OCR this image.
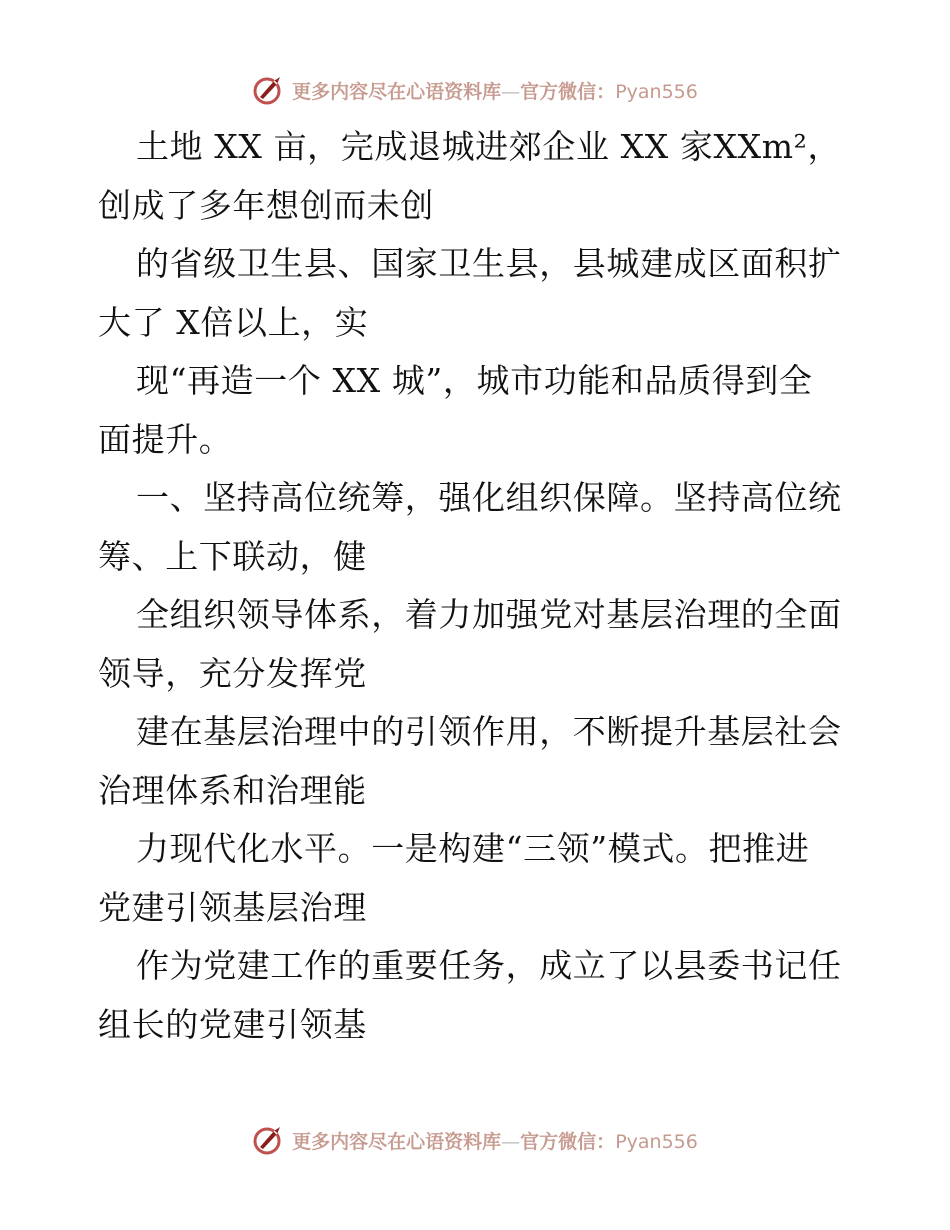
更多内容尽在心语资料库—官方微信：Pyan556
土地 XX 亩，完成退城进郊企业 XX 家XXm²，
创成了多年想创而未创
的省级卫生县、国家卫生县，县城建成区面积扩
大了 X倍以上，实
现“再造一个 XX 城”，城市功能和品质得到全
面提升。
一、坚持高位统筹，强化组织保障。坚持高位统
筹、上下联动，健
全组织领导体系，着力加强党对基层治理的全面
领导，充分发挥党
建在基层治理中的引领作用，不断提升基层社会
治理体系和治理能
力现代化水平。一是构建“三领”模式。把推进
党建引领基层治理
作为党建工作的重要任务，成立了以县委书记任
组长的党建引领基
更多内容尽在心语资料库—官方微信：Pyan556
